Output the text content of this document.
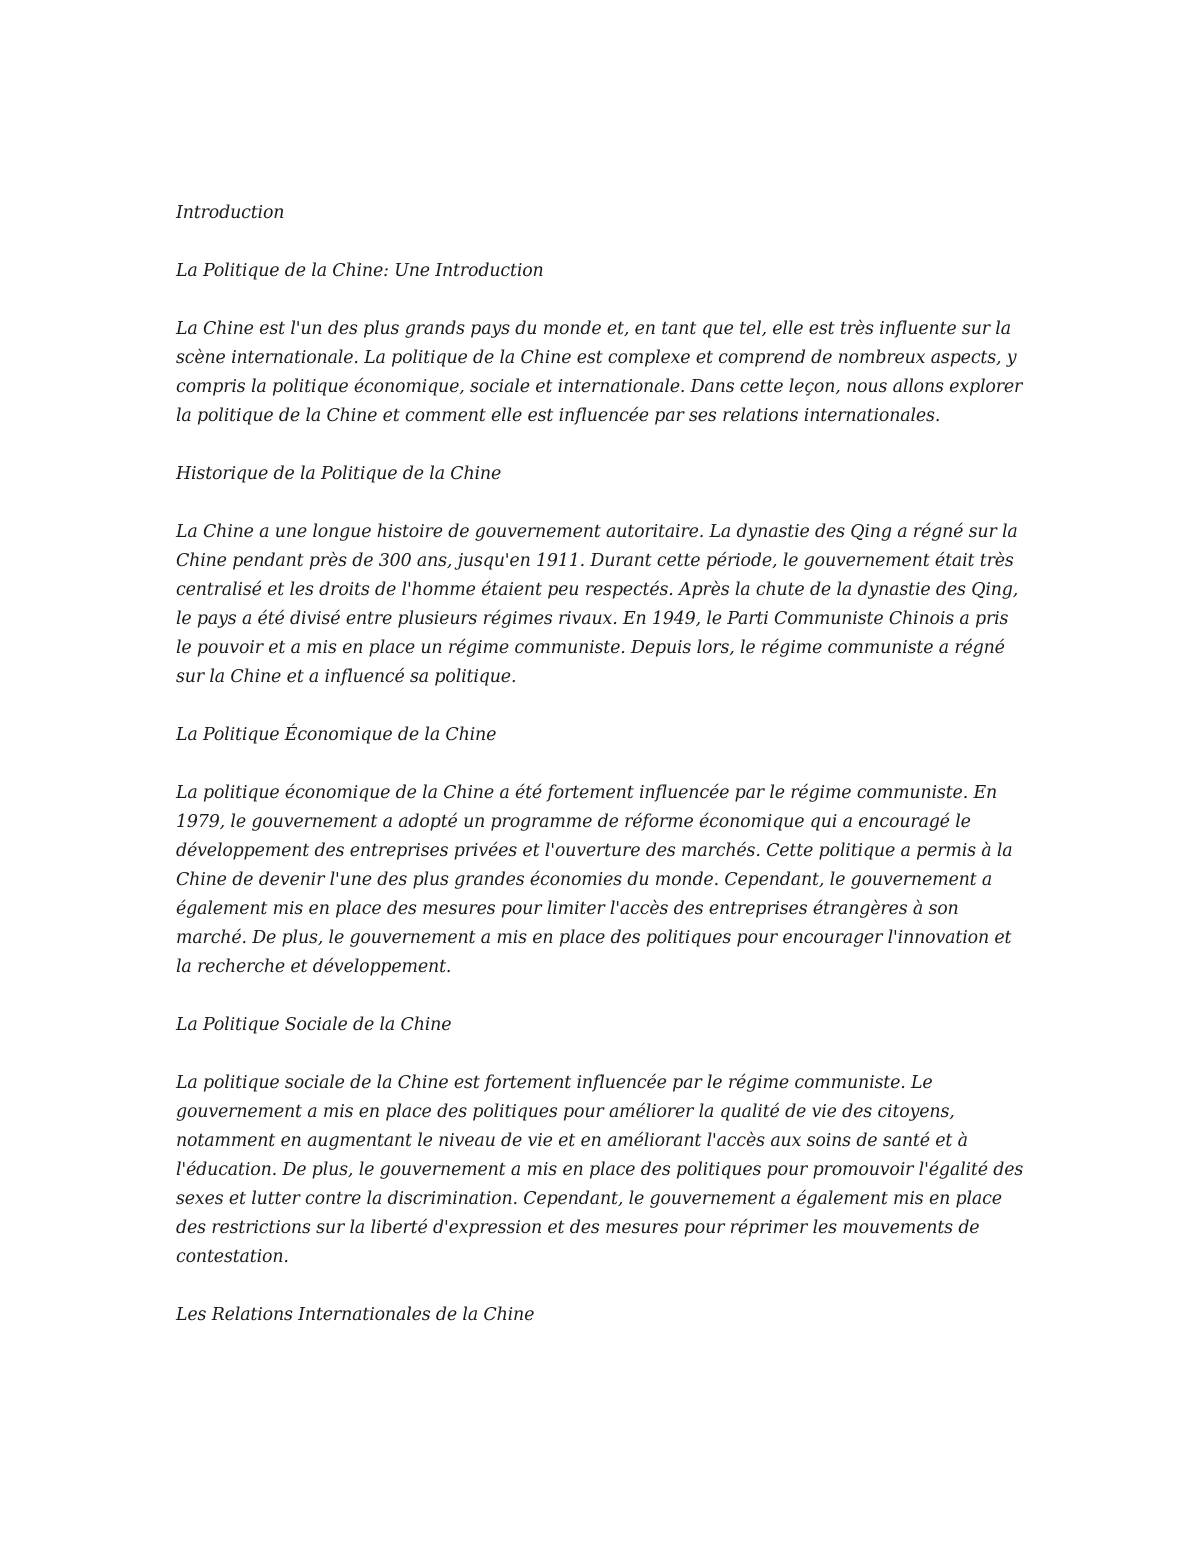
Introduction

La Politique de la Chine: Une Introduction

La Chine est l'un des plus grands pays du monde et, en tant que tel, elle est très influente sur la scène internationale. La politique de la Chine est complexe et comprend de nombreux aspects, y compris la politique économique, sociale et internationale. Dans cette leçon, nous allons explorer la politique de la Chine et comment elle est influencée par ses relations internationales.

Historique de la Politique de la Chine

La Chine a une longue histoire de gouvernement autoritaire. La dynastie des Qing a régné sur la Chine pendant près de 300 ans, jusqu'en 1911. Durant cette période, le gouvernement était très centralisé et les droits de l'homme étaient peu respectés. Après la chute de la dynastie des Qing, le pays a été divisé entre plusieurs régimes rivaux. En 1949, le Parti Communiste Chinois a pris le pouvoir et a mis en place un régime communiste. Depuis lors, le régime communiste a régné sur la Chine et a influencé sa politique.

La Politique Économique de la Chine

La politique économique de la Chine a été fortement influencée par le régime communiste. En 1979, le gouvernement a adopté un programme de réforme économique qui a encouragé le développement des entreprises privées et l'ouverture des marchés. Cette politique a permis à la Chine de devenir l'une des plus grandes économies du monde. Cependant, le gouvernement a également mis en place des mesures pour limiter l'accès des entreprises étrangères à son marché. De plus, le gouvernement a mis en place des politiques pour encourager l'innovation et la recherche et développement.

La Politique Sociale de la Chine

La politique sociale de la Chine est fortement influencée par le régime communiste. Le gouvernement a mis en place des politiques pour améliorer la qualité de vie des citoyens, notamment en augmentant le niveau de vie et en améliorant l'accès aux soins de santé et à l'éducation. De plus, le gouvernement a mis en place des politiques pour promouvoir l'égalité des sexes et lutter contre la discrimination. Cependant, le gouvernement a également mis en place des restrictions sur la liberté d'expression et des mesures pour réprimer les mouvements de contestation.

Les Relations Internationales de la Chine
